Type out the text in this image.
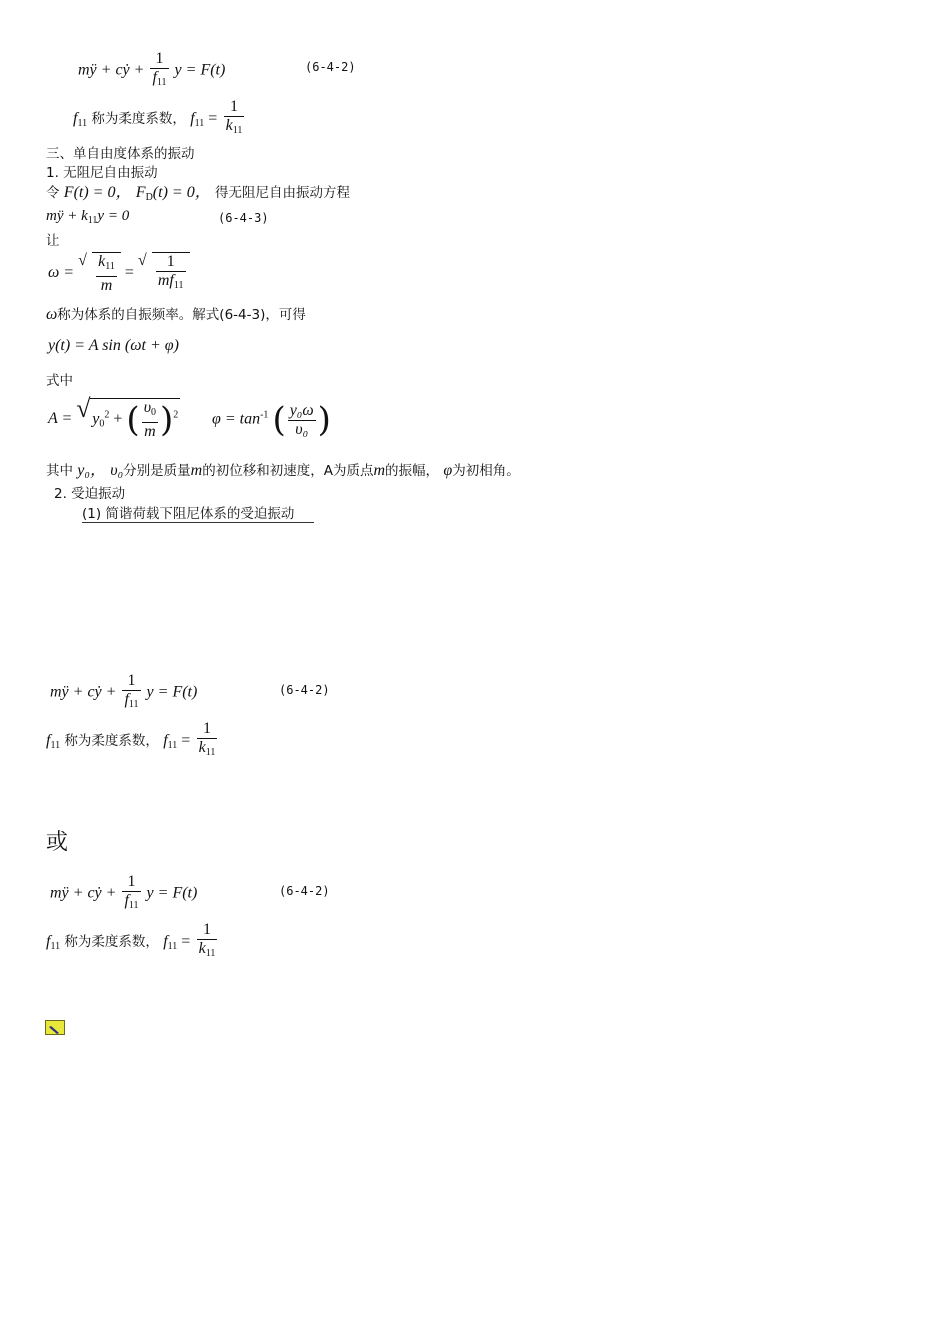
mÿ + cẏ + $\frac{1}{f_{11}}$ y = F(t)	(6-4-2)
$f_{11}$ 称为柔度系数， $f_{11} = \frac{1}{k_{11}}$
三、单自由度体系的振动
1. 无阻尼自由振动
令 F(t) = 0， $F_D(t) = 0$， 得无阻尼自由振动方程
mÿ + $k_{11}y = 0$	(6-4-3)
让
ω =
√ $\frac{k_{11}}{m}$ =
√ $\frac{1}{mf_{11}}$
ω称为体系的自振频率。解式(6-4-3)，可得
y(t) = A sin (ωt + φ)
式中
A = √ $y_0^2$ + ( $\frac{\upsilon_0}{m} )^2$ $\varphi = \tan^{-1}$ ( $\frac{\text{y₀ω}}{\text{υ₀}}$ )
其中 y₀， υ₀分别是质量m的初位移和初速度，A为质点m的振幅， φ为初相角。
2. 受迫振动
(1) 简谐荷载下阻尼体系的受迫振动
mÿ + cẏ + $\frac{1}{f_{11}}$ y = F(t)	(6-4-2)
$f_{11}$ 称为柔度系数， $f_{11} = \frac{1}{k_{11}}$
或
mÿ + cẏ + $\frac{1}{f_{11}}$ y = F(t)	(6-4-2)
$f_{11}$ 称为柔度系数， $f_{11} = \frac{1}{k_{11}}$
